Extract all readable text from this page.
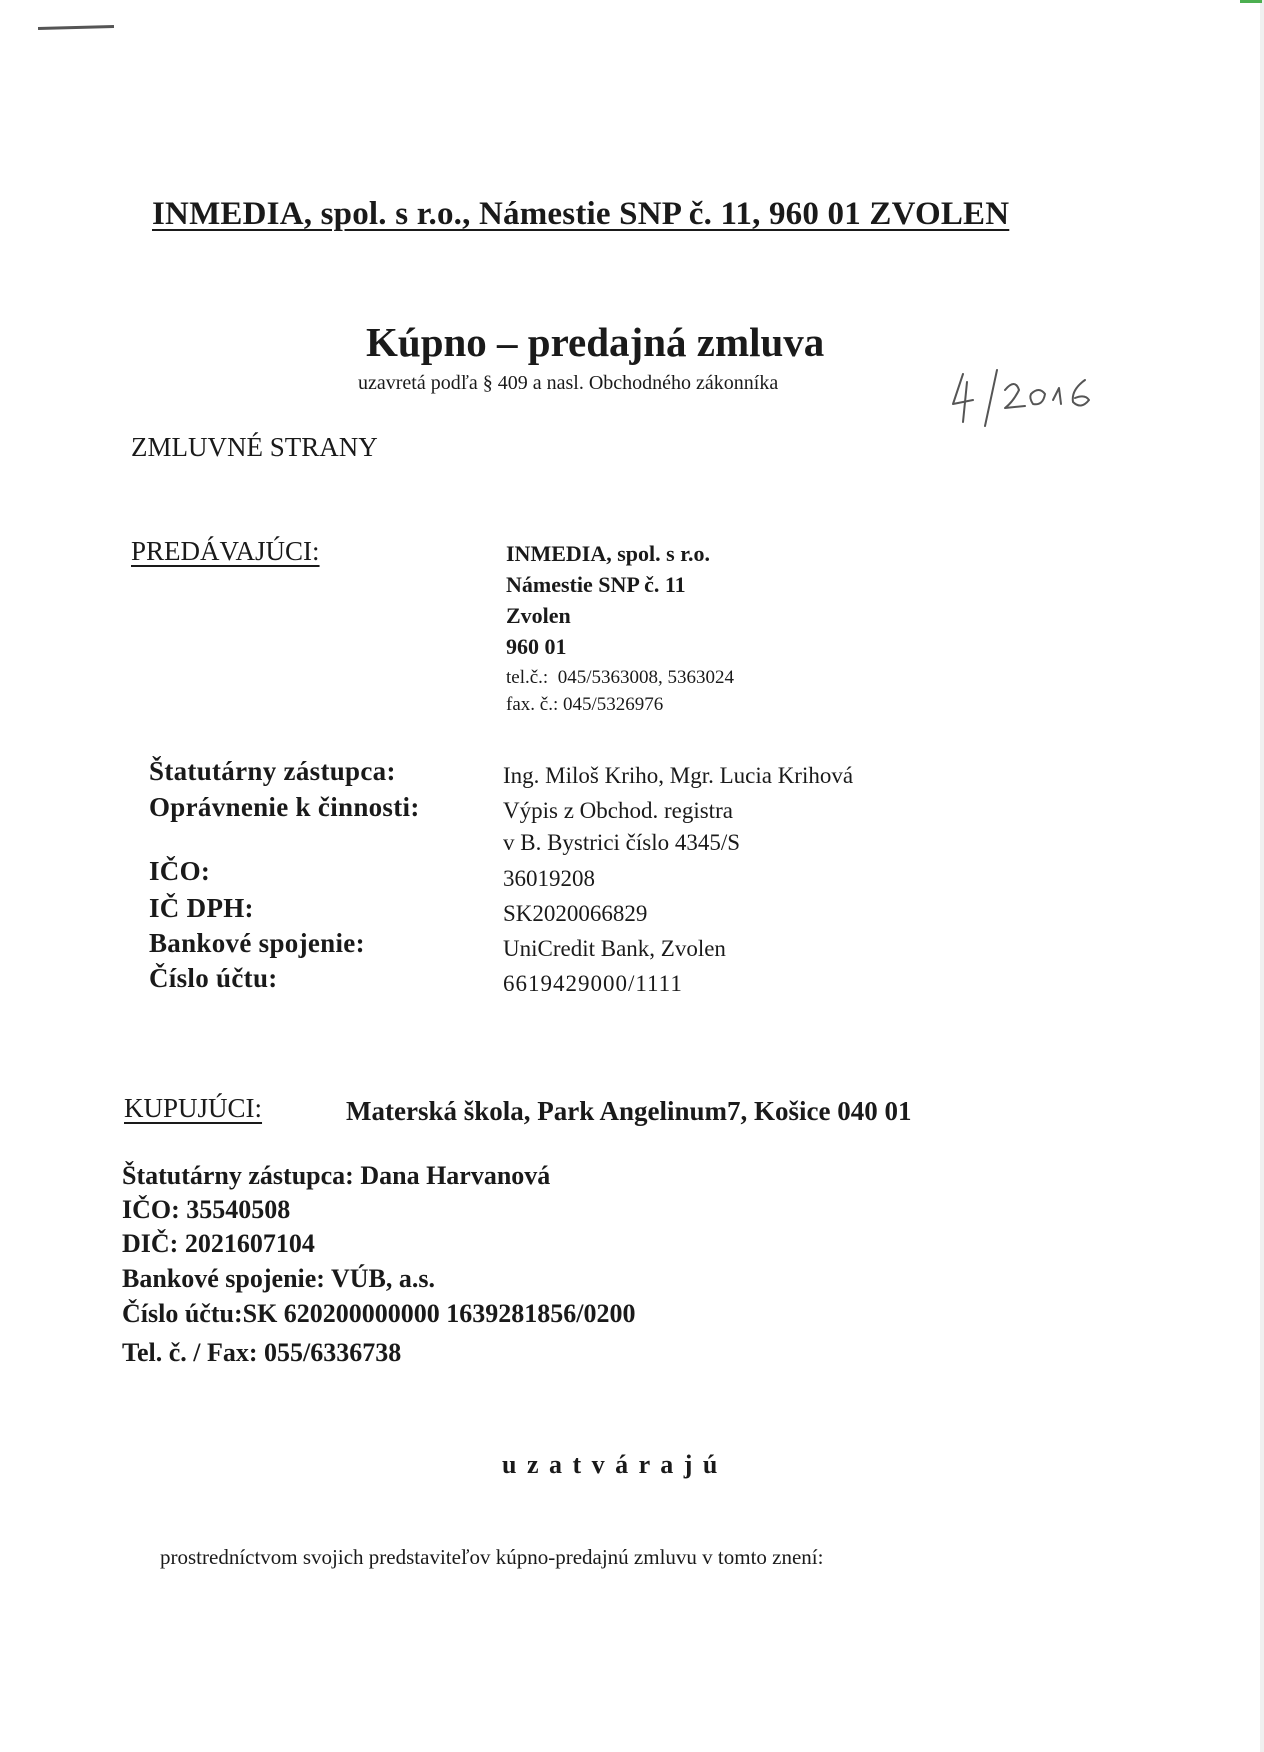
INMEDIA, spol. s r.o., Námestie SNP č. 11, 960 01 ZVOLEN
Kúpno – predajná zmluva
uzavretá podľa § 409 a nasl. Obchodného zákonníka
ZMLUVNÉ STRANY
PREDÁVAJÚCI:	INMEDIA, spol. s r.o.
Námestie SNP č. 11
Zvolen
960 01
tel.č.:  045/5363008, 5363024
fax. č.: 045/5326976
Štatutárny zástupca:	Ing. Miloš Kriho, Mgr. Lucia Krihová
Oprávnenie k činnosti:	Výpis z Obchod. registra
v B. Bystrici číslo 4345/S
IČO:	36019208
IČ DPH:	SK2020066829
Bankové spojenie:	UniCredit Bank, Zvolen
Číslo účtu:	6619429000/1111
KUPUJÚCI:	Materská škola, Park Angelinum7, Košice 040 01
Štatutárny zástupca: Dana Harvanová
IČO: 35540508
DIČ: 2021607104
Bankové spojenie: VÚB, a.s.
Číslo účtu:SK 620200000000 1639281856/0200
Tel. č. / Fax: 055/6336738
u z a t v á r a j ú
prostredníctvom svojich predstaviteľov kúpno-predajnú zmluvu v tomto znení:
